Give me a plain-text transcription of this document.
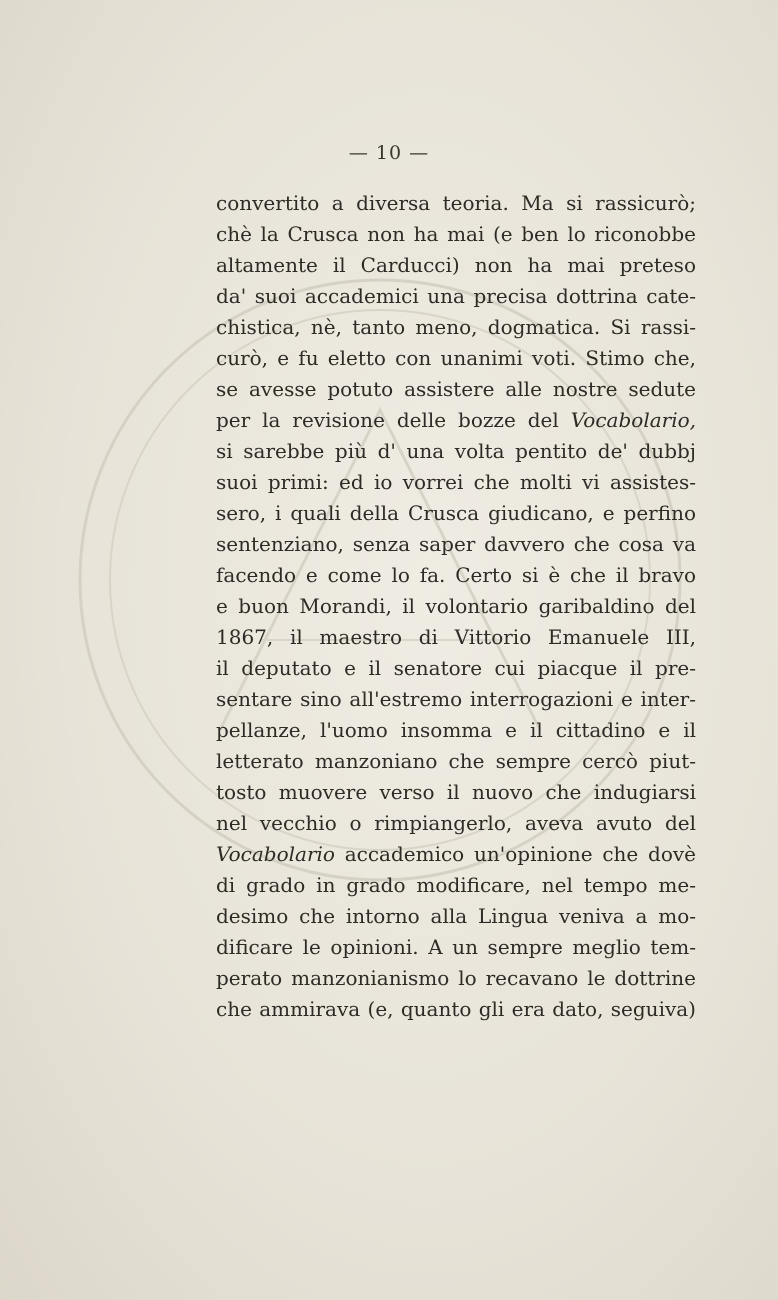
— 10 —
convertito a diversa teoria. Ma si rassicurò;
chè la Crusca non ha mai (e ben lo riconobbe
altamente il Carducci) non ha mai preteso
da' suoi accademici una precisa dottrina cate-
chistica, nè, tanto meno, dogmatica. Si rassi-
curò, e fu eletto con unanimi voti. Stimo che,
se avesse potuto assistere alle nostre sedute
per la revisione delle bozze del Vocabolario,
si sarebbe più d' una volta pentito de' dubbj
suoi primi: ed io vorrei che molti vi assistes-
sero, i quali della Crusca giudicano, e perfino
sentenziano, senza saper davvero che cosa va
facendo e come lo fa. Certo si è che il bravo
e buon Morandi, il volontario garibaldino del
1867, il maestro di Vittorio Emanuele III,
il deputato e il senatore cui piacque il pre-
sentare sino all'estremo interrogazioni e inter-
pellanze, l'uomo insomma e il cittadino e il
letterato manzoniano che sempre cercò piut-
tosto muovere verso il nuovo che indugiarsi
nel vecchio o rimpiangerlo, aveva avuto del
Vocabolario accademico un'opinione che dovè
di grado in grado modificare, nel tempo me-
desimo che intorno alla Lingua veniva a mo-
dificare le opinioni. A un sempre meglio tem-
perato manzonianismo lo recavano le dottrine
che ammirava (e, quanto gli era dato, seguiva)
